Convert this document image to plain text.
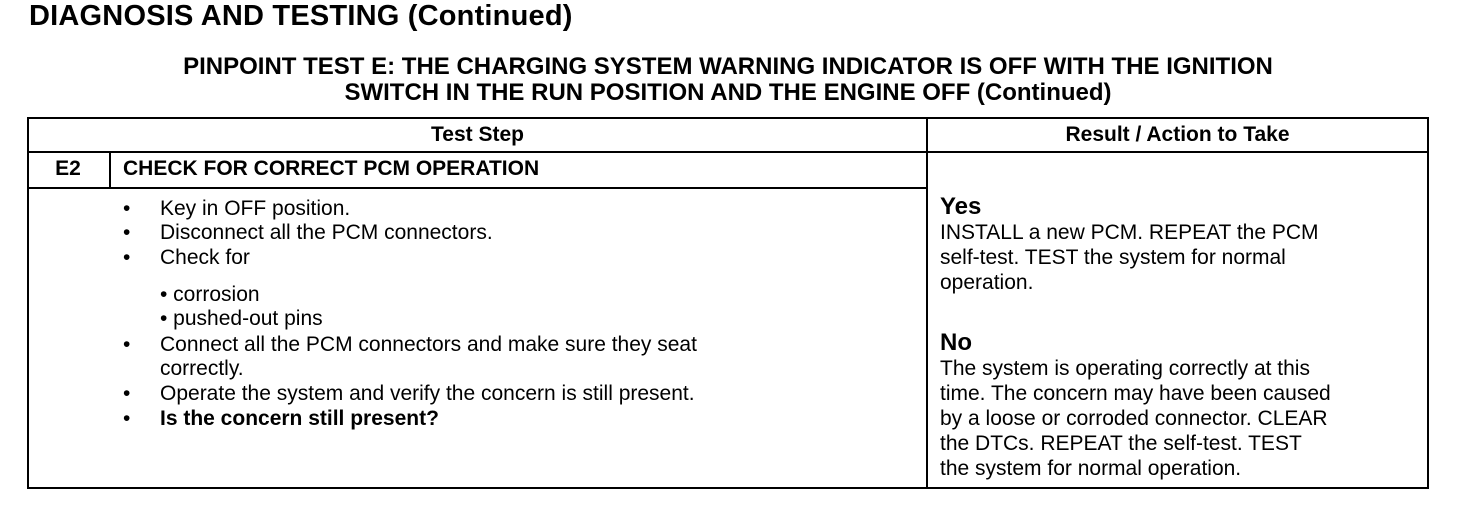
DIAGNOSIS AND TESTING (Continued)
PINPOINT TEST E: THE CHARGING SYSTEM WARNING INDICATOR IS OFF WITH THE IGNITION
SWITCH IN THE RUN POSITION AND THE ENGINE OFF (Continued)
Test Step	Result / Action to Take
E2	CHECK FOR CORRECT PCM OPERATION
• Key in OFF position.
• Disconnect all the PCM connectors.
• Check for
• corrosion
• pushed-out pins
• Connect all the PCM connectors and make sure they seat
correctly.
• Operate the system and verify the concern is still present.
• Is the concern still present?
Yes
INSTALL a new PCM. REPEAT the PCM
self-test. TEST the system for normal
operation.
No
The system is operating correctly at this
time. The concern may have been caused
by a loose or corroded connector. CLEAR
the DTCs. REPEAT the self-test. TEST
the system for normal operation.
